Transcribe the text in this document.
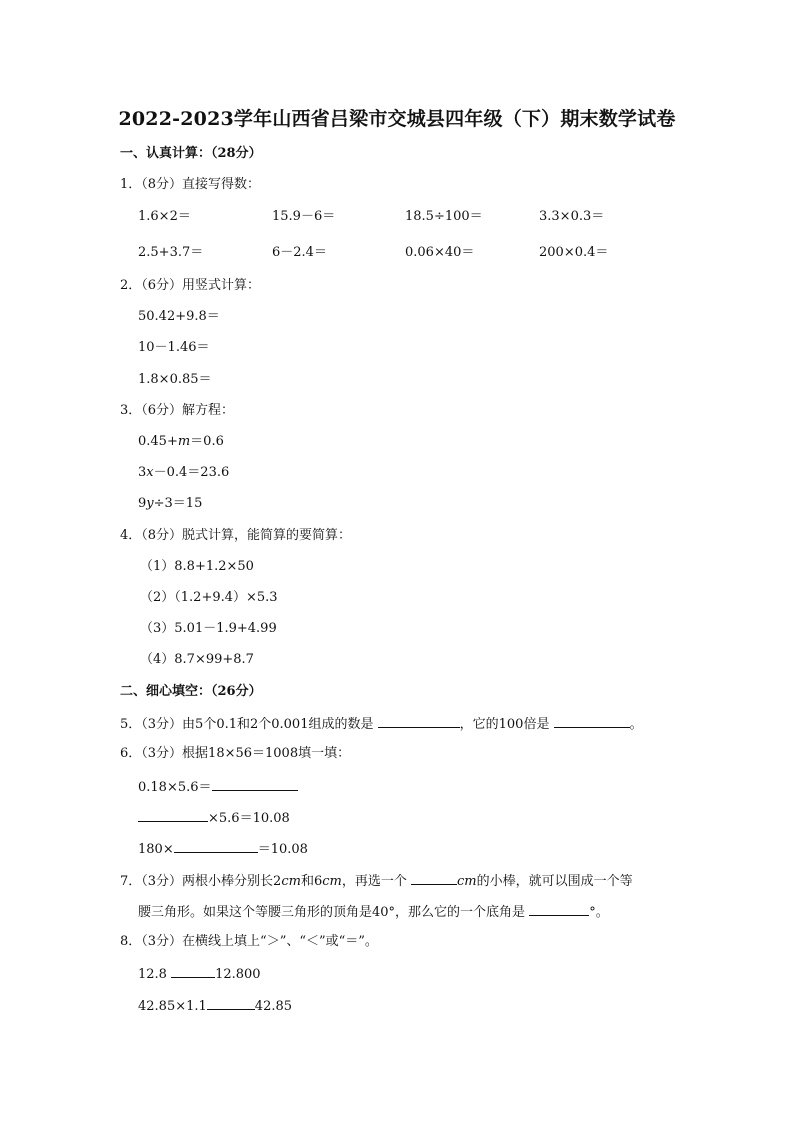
2022-2023学年山西省吕梁市交城县四年级（下）期末数学试卷
一、认真计算：（28分）
1．（8分）直接写得数：
1.6×2＝	15.9－6＝	18.5÷100＝	3.3×0.3＝
2.5+3.7＝	6－2.4＝	0.06×40＝	200×0.4＝
2．（6分）用竖式计算：
50.42+9.8＝
10－1.46＝
1.8×0.85＝
3．（6分）解方程：
0.45+m＝0.6
3x－0.4＝23.6
9y÷3＝15
4．（8分）脱式计算，能简算的要简算：
（1）8.8+1.2×50
（2）（1.2+9.4）×5.3
（3）5.01－1.9+4.99
（4）8.7×99+8.7
二、细心填空：（26分）
5．（3分）由5个0.1和2个0.001组成的数是	，它的100倍是	。
6．（3分）根据18×56＝1008填一填：
0.18×5.6＝
×5.6＝10.08
180×	＝10.08
7．（3分）两根小棒分别长2cm和6cm，再选一个	cm的小棒，就可以围成一个等
腰三角形。如果这个等腰三角形的顶角是40°，那么它的一个底角是	°。
8．（3分）在横线上填上“＞”、“＜”或“＝”。
12.8	12.800
42.85×1.1	42.85
